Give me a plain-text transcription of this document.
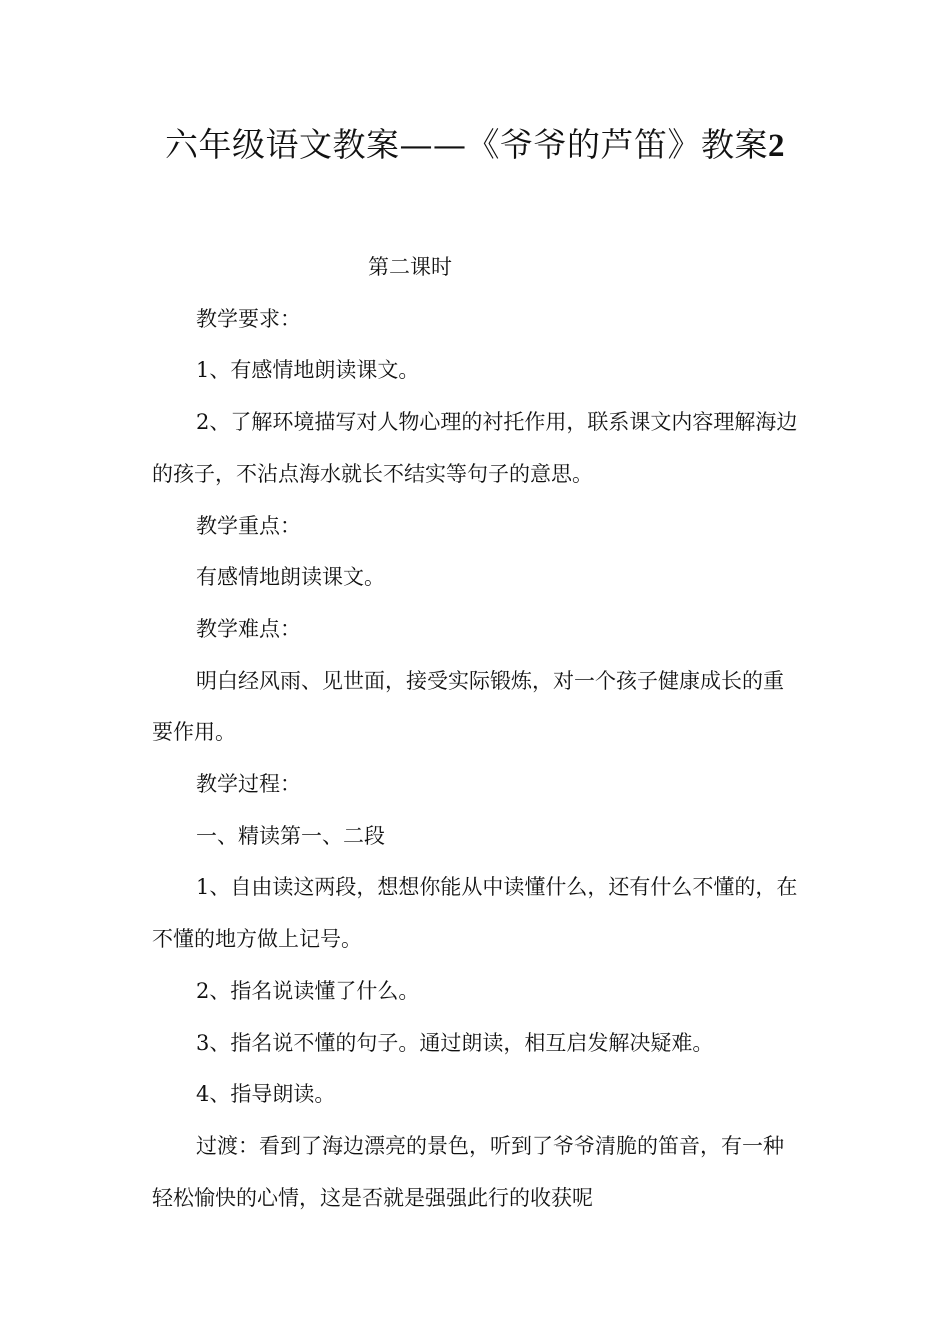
六年级语文教案——《爷爷的芦笛》教案2
第二课时

教学要求：

1、有感情地朗读课文。

2、了解环境描写对人物心理的衬托作用，联系课文内容理解海边的孩子，不沾点海水就长不结实等句子的意思。

教学重点：

有感情地朗读课文。

教学难点：

明白经风雨、见世面，接受实际锻炼，对一个孩子健康成长的重要作用。

教学过程：

一、精读第一、二段

1、自由读这两段，想想你能从中读懂什么，还有什么不懂的，在不懂的地方做上记号。

2、指名说读懂了什么。

3、指名说不懂的句子。通过朗读，相互启发解决疑难。

4、指导朗读。

过渡：看到了海边漂亮的景色，听到了爷爷清脆的笛音，有一种轻松愉快的心情，这是否就是强强此行的收获呢
